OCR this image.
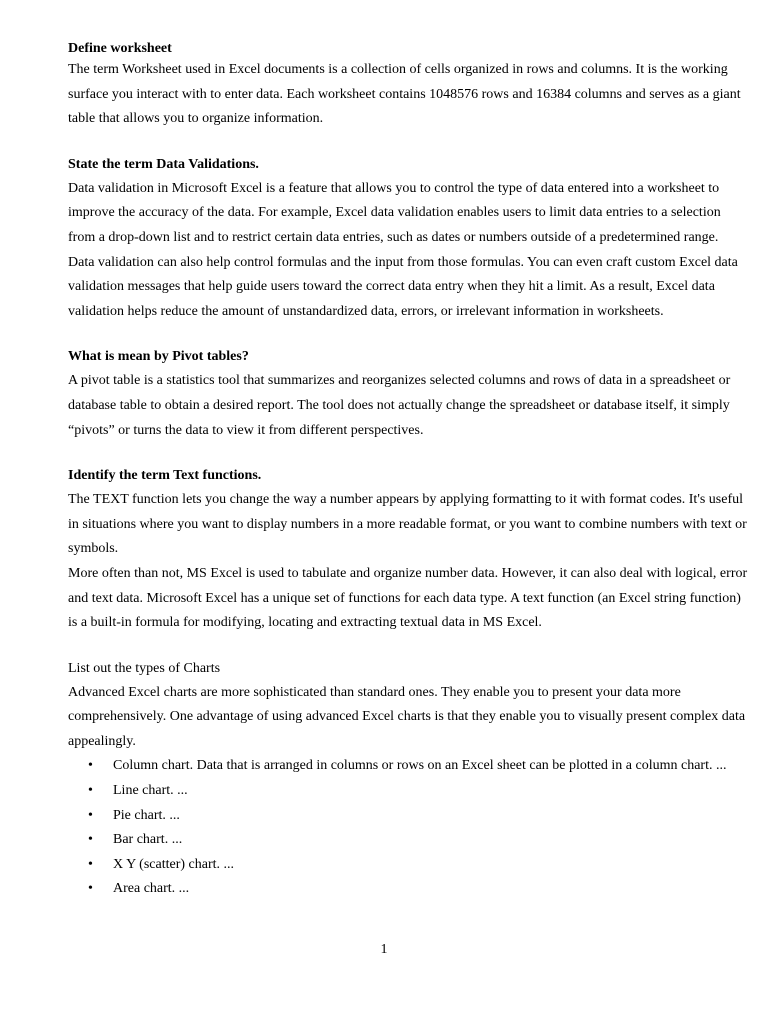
Define worksheet

The term Worksheet used in Excel documents is a collection of cells organized in rows and columns. It is the working surface you interact with to enter data. Each worksheet contains 1048576 rows and 16384 columns and serves as a giant table that allows you to organize information.

State the term Data Validations.

Data validation in Microsoft Excel is a feature that allows you to control the type of data entered into a worksheet to improve the accuracy of the data. For example, Excel data validation enables users to limit data entries to a selection from a drop-down list and to restrict certain data entries, such as dates or numbers outside of a predetermined range. Data validation can also help control formulas and the input from those formulas. You can even craft custom Excel data validation messages that help guide users toward the correct data entry when they hit a limit. As a result, Excel data validation helps reduce the amount of unstandardized data, errors, or irrelevant information in worksheets.

What is mean by Pivot tables?

A pivot table is a statistics tool that summarizes and reorganizes selected columns and rows of data in a spreadsheet or database table to obtain a desired report. The tool does not actually change the spreadsheet or database itself, it simply “pivots” or turns the data to view it from different perspectives.

Identify the term Text functions.

The TEXT function lets you change the way a number appears by applying formatting to it with format codes. It's useful in situations where you want to display numbers in a more readable format, or you want to combine numbers with text or symbols.

More often than not, MS Excel is used to tabulate and organize number data. However, it can also deal with logical, error and text data. Microsoft Excel has a unique set of functions for each data type. A text function (an Excel string function) is a built-in formula for modifying, locating and extracting textual data in MS Excel.

List out the types of Charts

Advanced Excel charts are more sophisticated than standard ones. They enable you to present your data more comprehensively. One advantage of using advanced Excel charts is that they enable you to visually present complex data appealingly.

• Column chart. Data that is arranged in columns or rows on an Excel sheet can be plotted in a column chart. ...
• Line chart. ...
• Pie chart. ...
• Bar chart. ...
• X Y (scatter) chart. ...
• Area chart. ...
1
